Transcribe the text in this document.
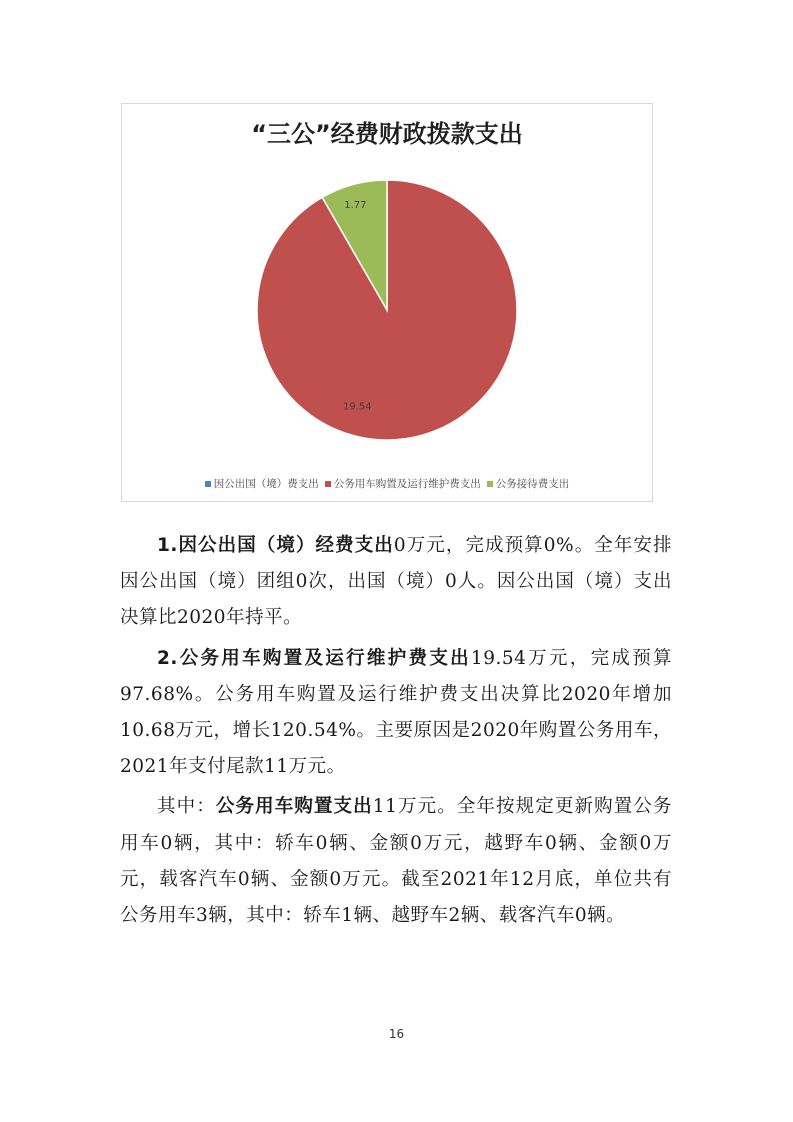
“三公”经费财政拨款支出
19.54
1.77
因公出国（境）费支出 公务用车购置及运行维护费支出 公务接待费支出

1.因公出国（境）经费支出0万元，完成预算0%。全年安排因公出国（境）团组0次，出国（境）0人。因公出国（境）支出决算比2020年持平。

2.公务用车购置及运行维护费支出19.54万元，完成预算97.68%。公务用车购置及运行维护费支出决算比2020年增加10.68万元，增长120.54%。主要原因是2020年购置公务用车，2021年支付尾款11万元。

其中：公务用车购置支出11万元。全年按规定更新购置公务用车0辆，其中：轿车0辆、金额0万元，越野车0辆、金额0万元，载客汽车0辆、金额0万元。截至2021年12月底，单位共有公务用车3辆，其中：轿车1辆、越野车2辆、载客汽车0辆。

16
